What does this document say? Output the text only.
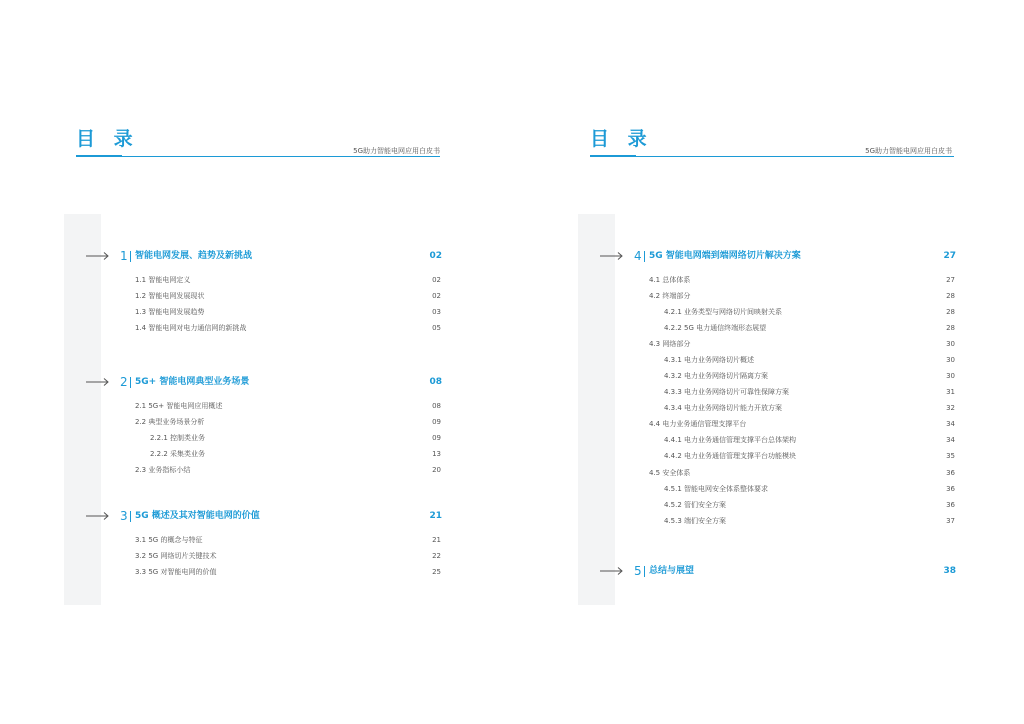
目 录
5G助力智能电网应用白皮书
1 智能电网发展、趋势及新挑战	02
1.1 智能电网定义	02
1.2 智能电网发展现状	02
1.3 智能电网发展趋势	03
1.4 智能电网对电力通信网的新挑战	05
2 5G+ 智能电网典型业务场景	08
2.1 5G+ 智能电网应用概述	08
2.2 典型业务场景分析	09
2.2.1 控制类业务	09
2.2.2 采集类业务	13
2.3 业务指标小结	20
3 5G 概述及其对智能电网的价值	21
3.1 5G 的概念与特征	21
3.2 5G 网络切片关键技术	22
3.3 5G 对智能电网的价值	25
目 录
5G助力智能电网应用白皮书
4 5G 智能电网端到端网络切片解决方案	27
4.1 总体体系	27
4.2 终端部分	28
4.2.1 业务类型与网络切片间映射关系	28
4.2.2 5G 电力通信终端形态展望	28
4.3 网络部分	30
4.3.1 电力业务网络切片概述	30
4.3.2 电力业务网络切片隔离方案	30
4.3.3 电力业务网络切片可靠性保障方案	31
4.3.4 电力业务网络切片能力开放方案	32
4.4 电力业务通信管理支撑平台	34
4.4.1 电力业务通信管理支撑平台总体架构	34
4.4.2 电力业务通信管理支撑平台功能模块	35
4.5 安全体系	36
4.5.1 智能电网安全体系整体要求	36
4.5.2 管们安全方案	36
4.5.3 端们安全方案	37
5 总结与展望	38
